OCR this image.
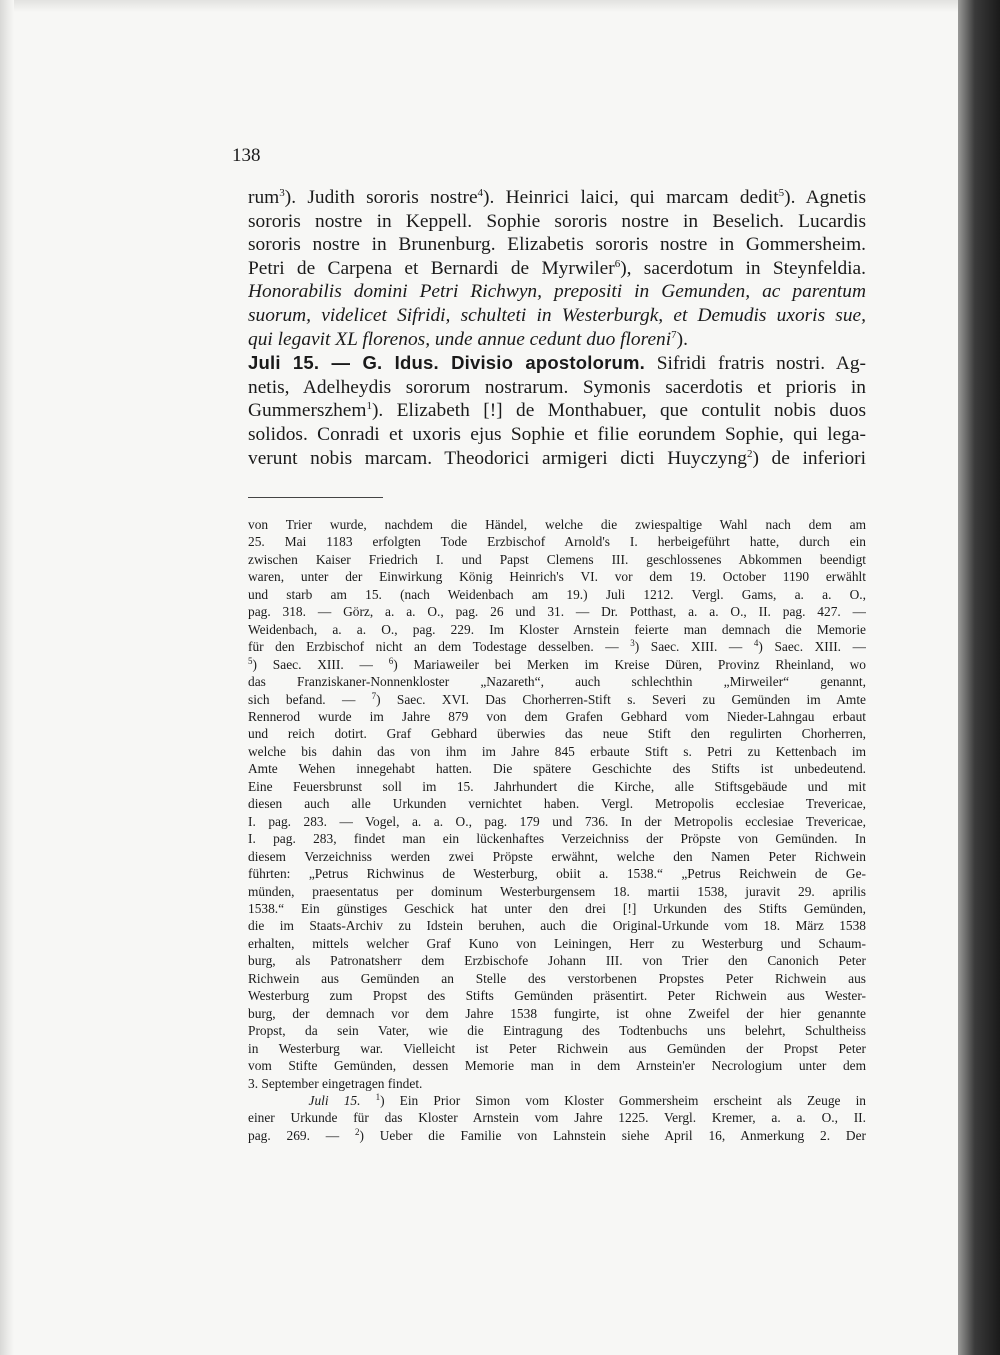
138
rum$^3$). Judith sororis nostre$^4$). Heinrici laici, qui marcam dedit$^5$). Agnetis
sororis nostre in Keppell. Sophie sororis nostre in Beselich. Lucardis
sororis nostre in Brunenburg. Elizabetis sororis nostre in Gommersheim.
Petri de Carpena et Bernardi de Myrwiler$^6$), sacerdotum in Steynfeldia.
Honorabilis domini Petri Richwyn, prepositi in Gemunden, ac parentum
suorum, videlicet Sifridi, schulteti in Westerburgk, et Demudis uxoris sue,
qui legavit XL florenos, unde annue cedunt duo floreni$^7$).
Juli 15. — G. Idus. Divisio apostolorum. Sifridi fratris nostri. Ag-
netis, Adelheydis sororum nostrarum. Symonis sacerdotis et prioris in
Gummerszhem$^1$). Elizabeth [!] de Monthabuer, que contulit nobis duos
solidos. Conradi et uxoris ejus Sophie et filie eorundem Sophie, qui lega-
verunt nobis marcam. Theodorici armigeri dicti Huyczyng$^2$) de inferiori
von Trier wurde, nachdem die Händel, welche die zwiespaltige Wahl nach dem am
25. Mai 1183 erfolgten Tode Erzbischof Arnold's I. herbeigeführt hatte, durch ein
zwischen Kaiser Friedrich I. und Papst Clemens III. geschlossenes Abkommen beendigt
waren, unter der Einwirkung König Heinrich's VI. vor dem 19. October 1190 erwählt
und starb am 15. (nach Weidenbach am 19.) Juli 1212. Vergl. Gams, a. a. O.,
pag. 318. — Görz, a. a. O., pag. 26 und 31. — Dr. Potthast, a. a. O., II. pag. 427. —
Weidenbach, a. a. O., pag. 229. Im Kloster Arnstein feierte man demnach die Memorie
für den Erzbischof nicht an dem Todestage desselben. — $^3$) Saec. XIII. — $^4$) Saec. XIII. —
$^5$) Saec. XIII. — $^6$) Mariaweiler bei Merken im Kreise Düren, Provinz Rheinland, wo
das Franziskaner-Nonnenkloster „Nazareth“, auch schlechthin „Mirweiler“ genannt,
sich befand. — $^7$) Saec. XVI. Das Chorherren-Stift s. Severi zu Gemünden im Amte
Rennerod wurde im Jahre 879 von dem Grafen Gebhard vom Nieder-Lahngau erbaut
und reich dotirt. Graf Gebhard überwies das neue Stift den regulirten Chorherren,
welche bis dahin das von ihm im Jahre 845 erbaute Stift s. Petri zu Kettenbach im
Amte Wehen innegehabt hatten. Die spätere Geschichte des Stifts ist unbedeutend.
Eine Feuersbrunst soll im 15. Jahrhundert die Kirche, alle Stiftsgebäude und mit
diesen auch alle Urkunden vernichtet haben. Vergl. Metropolis ecclesiae Trevericae,
I. pag. 283. — Vogel, a. a. O., pag. 179 und 736. In der Metropolis ecclesiae Trevericae,
I. pag. 283, findet man ein lückenhaftes Verzeichniss der Pröpste von Gemünden. In
diesem Verzeichniss werden zwei Pröpste erwähnt, welche den Namen Peter Richwein
führten: „Petrus Richwinus de Westerburg, obiit a. 1538.“ „Petrus Reichwein de Ge-
münden, praesentatus per dominum Westerburgensem 18. martii 1538, juravit 29. aprilis
1538.“ Ein günstiges Geschick hat unter den drei [!] Urkunden des Stifts Gemünden,
die im Staats-Archiv zu Idstein beruhen, auch die Original-Urkunde vom 18. März 1538
erhalten, mittels welcher Graf Kuno von Leiningen, Herr zu Westerburg und Schaum-
burg, als Patronatsherr dem Erzbischofe Johann III. von Trier den Canonich Peter
Richwein aus Gemünden an Stelle des verstorbenen Propstes Peter Richwein aus
Westerburg zum Propst des Stifts Gemünden präsentirt. Peter Richwein aus Wester-
burg, der demnach vor dem Jahre 1538 fungirte, ist ohne Zweifel der hier genannte
Propst, da sein Vater, wie die Eintragung des Todtenbuchs uns belehrt, Schultheiss
in Westerburg war. Vielleicht ist Peter Richwein aus Gemünden der Propst Peter
vom Stifte Gemünden, dessen Memorie man in dem Arnstein'er Necrologium unter dem
3. September eingetragen findet.
Juli 15. $^1$) Ein Prior Simon vom Kloster Gommersheim erscheint als Zeuge in
einer Urkunde für das Kloster Arnstein vom Jahre 1225. Vergl. Kremer, a. a. O., II.
pag. 269. — $^2$) Ueber die Familie von Lahnstein siehe April 16, Anmerkung 2. Der
